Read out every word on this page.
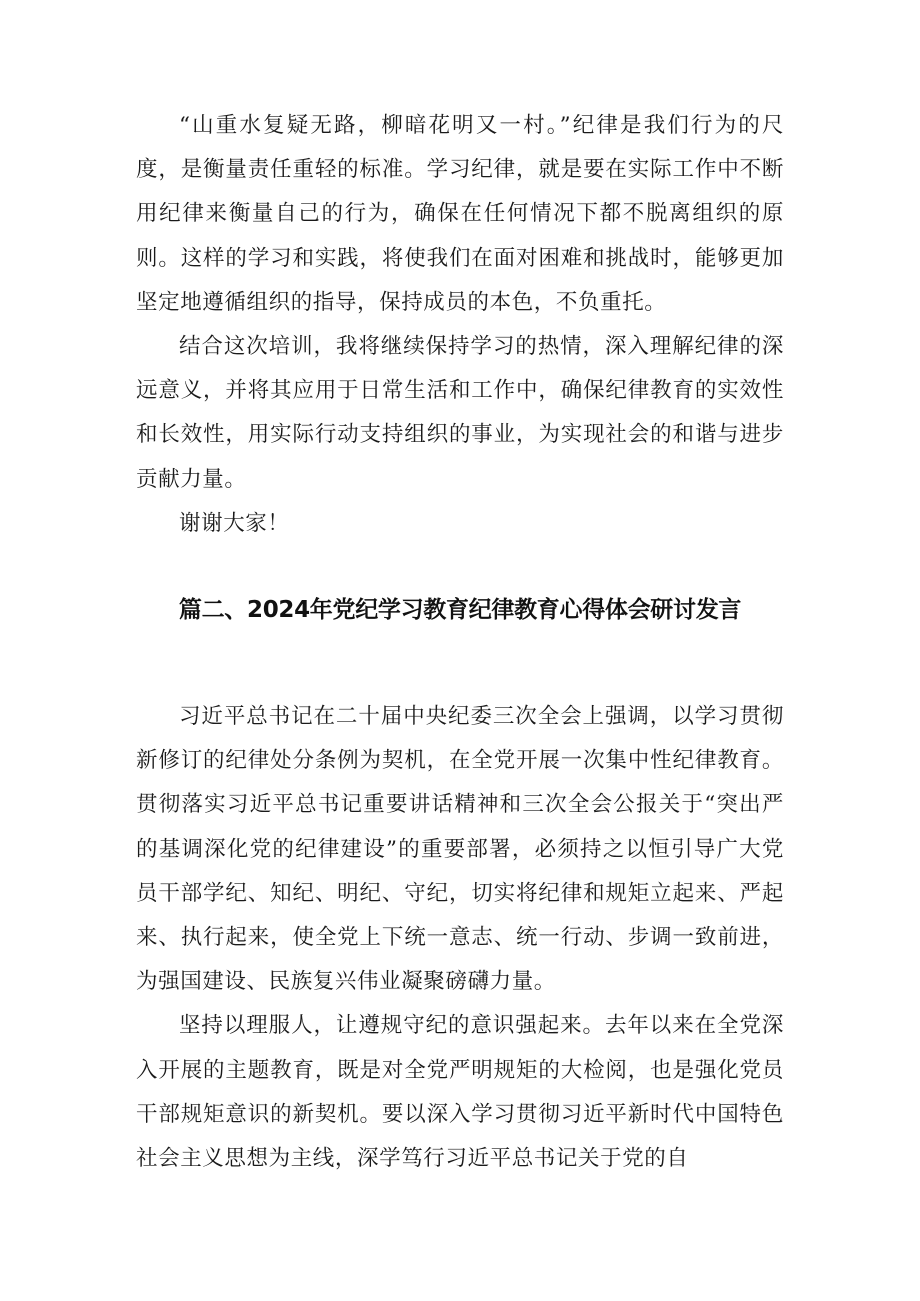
“山重水复疑无路，柳暗花明又一村。”纪律是我们行为的尺度，是衡量责任重轻的标准。学习纪律，就是要在实际工作中不断用纪律来衡量自己的行为，确保在任何情况下都不脱离组织的原则。这样的学习和实践，将使我们在面对困难和挑战时，能够更加坚定地遵循组织的指导，保持成员的本色，不负重托。

结合这次培训，我将继续保持学习的热情，深入理解纪律的深远意义，并将其应用于日常生活和工作中，确保纪律教育的实效性和长效性，用实际行动支持组织的事业，为实现社会的和谐与进步贡献力量。

谢谢大家！

篇二、2024年党纪学习教育纪律教育心得体会研讨发言

习近平总书记在二十届中央纪委三次全会上强调，以学习贯彻新修订的纪律处分条例为契机，在全党开展一次集中性纪律教育。贯彻落实习近平总书记重要讲话精神和三次全会公报关于“突出严的基调深化党的纪律建设”的重要部署，必须持之以恒引导广大党员干部学纪、知纪、明纪、守纪，切实将纪律和规矩立起来、严起来、执行起来，使全党上下统一意志、统一行动、步调一致前进，为强国建设、民族复兴伟业凝聚磅礴力量。

坚持以理服人，让遵规守纪的意识强起来。去年以来在全党深入开展的主题教育，既是对全党严明规矩的大检阅，也是强化党员干部规矩意识的新契机。要以深入学习贯彻习近平新时代中国特色社会主义思想为主线，深学笃行习近平总书记关于党的自
